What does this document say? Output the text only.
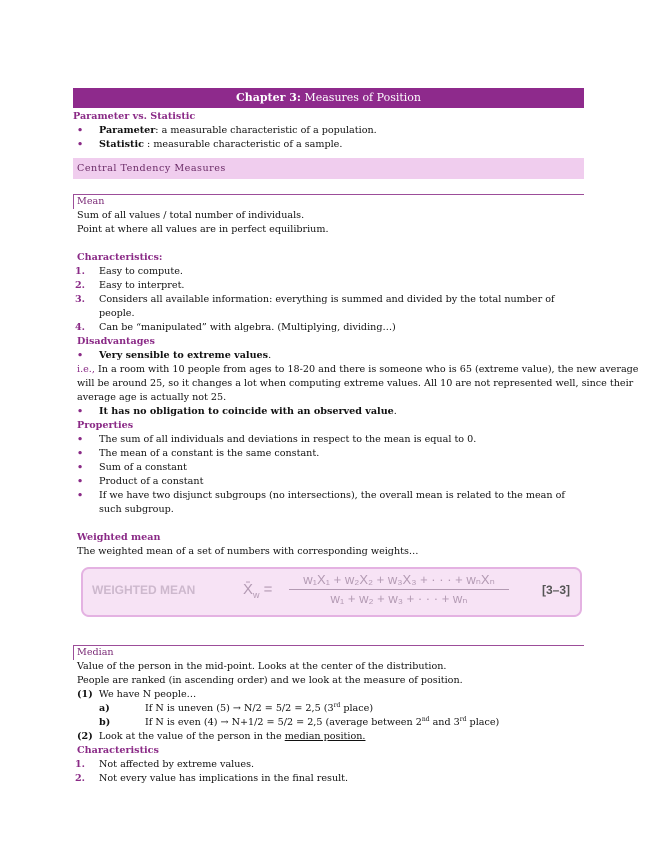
Chapter 3: Measures of Position
Parameter vs. Statistic
• Parameter: a measurable characteristic of a population.
• Statistic : measurable characteristic of a sample.
Central Tendency Measures
Mean
Sum of all values / total number of individuals.
Point at where all values are in perfect equilibrium.
Characteristics:
1. Easy to compute.
2. Easy to interpret.
3. Considers all available information: everything is summed and divided by the total number of people.
4. Can be “manipulated” with algebra. (Multiplying, dividing…)
Disadvantages
• Very sensible to extreme values.
i.e., In a room with 10 people from ages to 18-20 and there is someone who is 65 (extreme value), the new average
will be around 25, so it changes a lot when computing extreme values. All 10 are not represented well, since their
average age is actually not 25.
• It has no obligation to coincide with an observed value.
Properties
• The sum of all individuals and deviations in respect to the mean is equal to 0.
• The mean of a constant is the same constant.
• Sum of a constant
• Product of a constant
• If we have two disjunct subgroups (no intersections), the overall mean is related to the mean of such subgroup.
Weighted mean
The weighted mean of a set of numbers with corresponding weights…
WEIGHTED MEAN	$X̄_w$ =
w₁X₁ + w₂X₂ + w₃X₃ + · · · + wₙXₙ
w₁ + w₂ + w₃ + · · · + wₙ
[3–3]
Median
Value of the person in the mid-point. Looks at the center of the distribution.
People are ranked (in ascending order) and we look at the measure of position.
(1) We have N people…
a)	If N is uneven (5) → N/2 = 5/2 = 2,5 (3rd place)
b)	If N is even (4) → N+1/2 = 5/2 = 2,5 (average between 2nd and 3rd place)
(2) Look at the value of the person in the median position.
Characteristics
1. Not affected by extreme values.
2. Not every value has implications in the final result.
